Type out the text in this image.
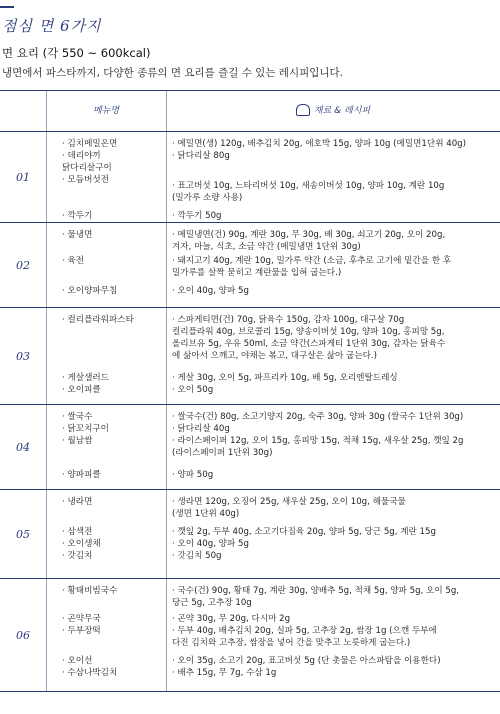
점심 면 6가지
면 요리 (각 550 ~ 600kcal)
냉면에서 파스타까지, 다양한 종류의 면 요리를 즐길 수 있는 레시피입니다.
메뉴명	재료 & 레시피
01
· 김치메밀온면
· 데리야끼
닭다리살구이
· 모듬버섯전
· 깍두기
· 메밀면(생) 120g, 배추김치 20g, 애호박 15g, 양파 10g (메밀면1단위 40g)
· 닭다리살 80g
· 표고버섯 10g, 느타리버섯 10g, 새송이버섯 10g, 양파 10g, 계란 10g
(밀가루 소량 사용)
· 깍두기 50g
02
· 물냉면
· 육전
· 오이양파무침
· 메밀냉면(건) 90g, 계란 30g, 무 30g, 배 30g, 쇠고기 20g, 오이 20g,
겨자, 마늘, 식초, 소금 약간 (메밀냉면 1단위 30g)
· 돼지고기 40g, 계란 10g, 밀가루 약간 (소금, 후추로 고기에 밑간을 한 후
밀가루를 살짝 묻히고 계란물을 입혀 굽는다.)
· 오이 40g, 양파 5g
03
· 컬리플라워파스타
· 게살샐러드
· 오이피클
· 스파게티면(건) 70g, 닭육수 150g, 감자 100g, 대구살 70g
컬리플라워 40g, 브로콜리 15g, 양송이버섯 10g, 양파 10g, 홍피망 5g,
올리브유 5g, 우유 50ml, 소금 약간(스파게티 1단위 30g, 감자는 닭육수
에 삶아서 으깨고, 야채는 볶고, 대구살은 삶아 굽는다.)
· 게살 30g, 오이 5g, 파프리카 10g, 배 5g, 오리엔탈드레싱
· 오이 50g
04
· 쌀국수
· 닭꼬치구이
· 월남쌈
· 양파피클
· 쌀국수(건) 80g, 소고기양지 20g, 숙주 30g, 양파 30g (쌀국수 1단위 30g)
· 닭다리살 40g
· 라이스페이퍼 12g, 오이 15g, 홍피망 15g, 적채 15g, 새우살 25g, 깻잎 2g
(라이스페이퍼 1단위 30g)
· 양파 50g
05
· 냉라면
· 삼색전
· 오이생채
· 갓김치
· 생라면 120g, 오징어 25g, 새우살 25g, 오이 10g, 해물국물
(생면 1단위 40g)
· 깻잎 2g, 두부 40g, 소고기다짐육 20g, 양파 5g, 당근 5g, 계란 15g
· 오이 40g, 양파 5g
· 갓김치 50g
06
· 황태비빔국수
· 곤약무국
· 두부장떡
· 오이선
· 수삼나박김치
· 국수(건) 90g, 황태 7g, 계란 30g, 양배추 5g, 적채 5g, 양파 5g, 오이 5g,
당근 5g, 고추장 10g
· 곤약 30g, 무 20g, 다시마 2g
· 두부 40g, 배추김치 20g, 실파 5g, 고추장 2g, 쌈장 1g (으깬 두부에
다진 김치와 고추장, 쌈장을 넣어 간을 맞추고 노릇하게 굽는다.)
· 오이 35g, 소고기 20g, 표고버섯 5g (단 촛물은 아스파탐을 이용한다)
· 배추 15g, 무 7g, 수삼 1g
